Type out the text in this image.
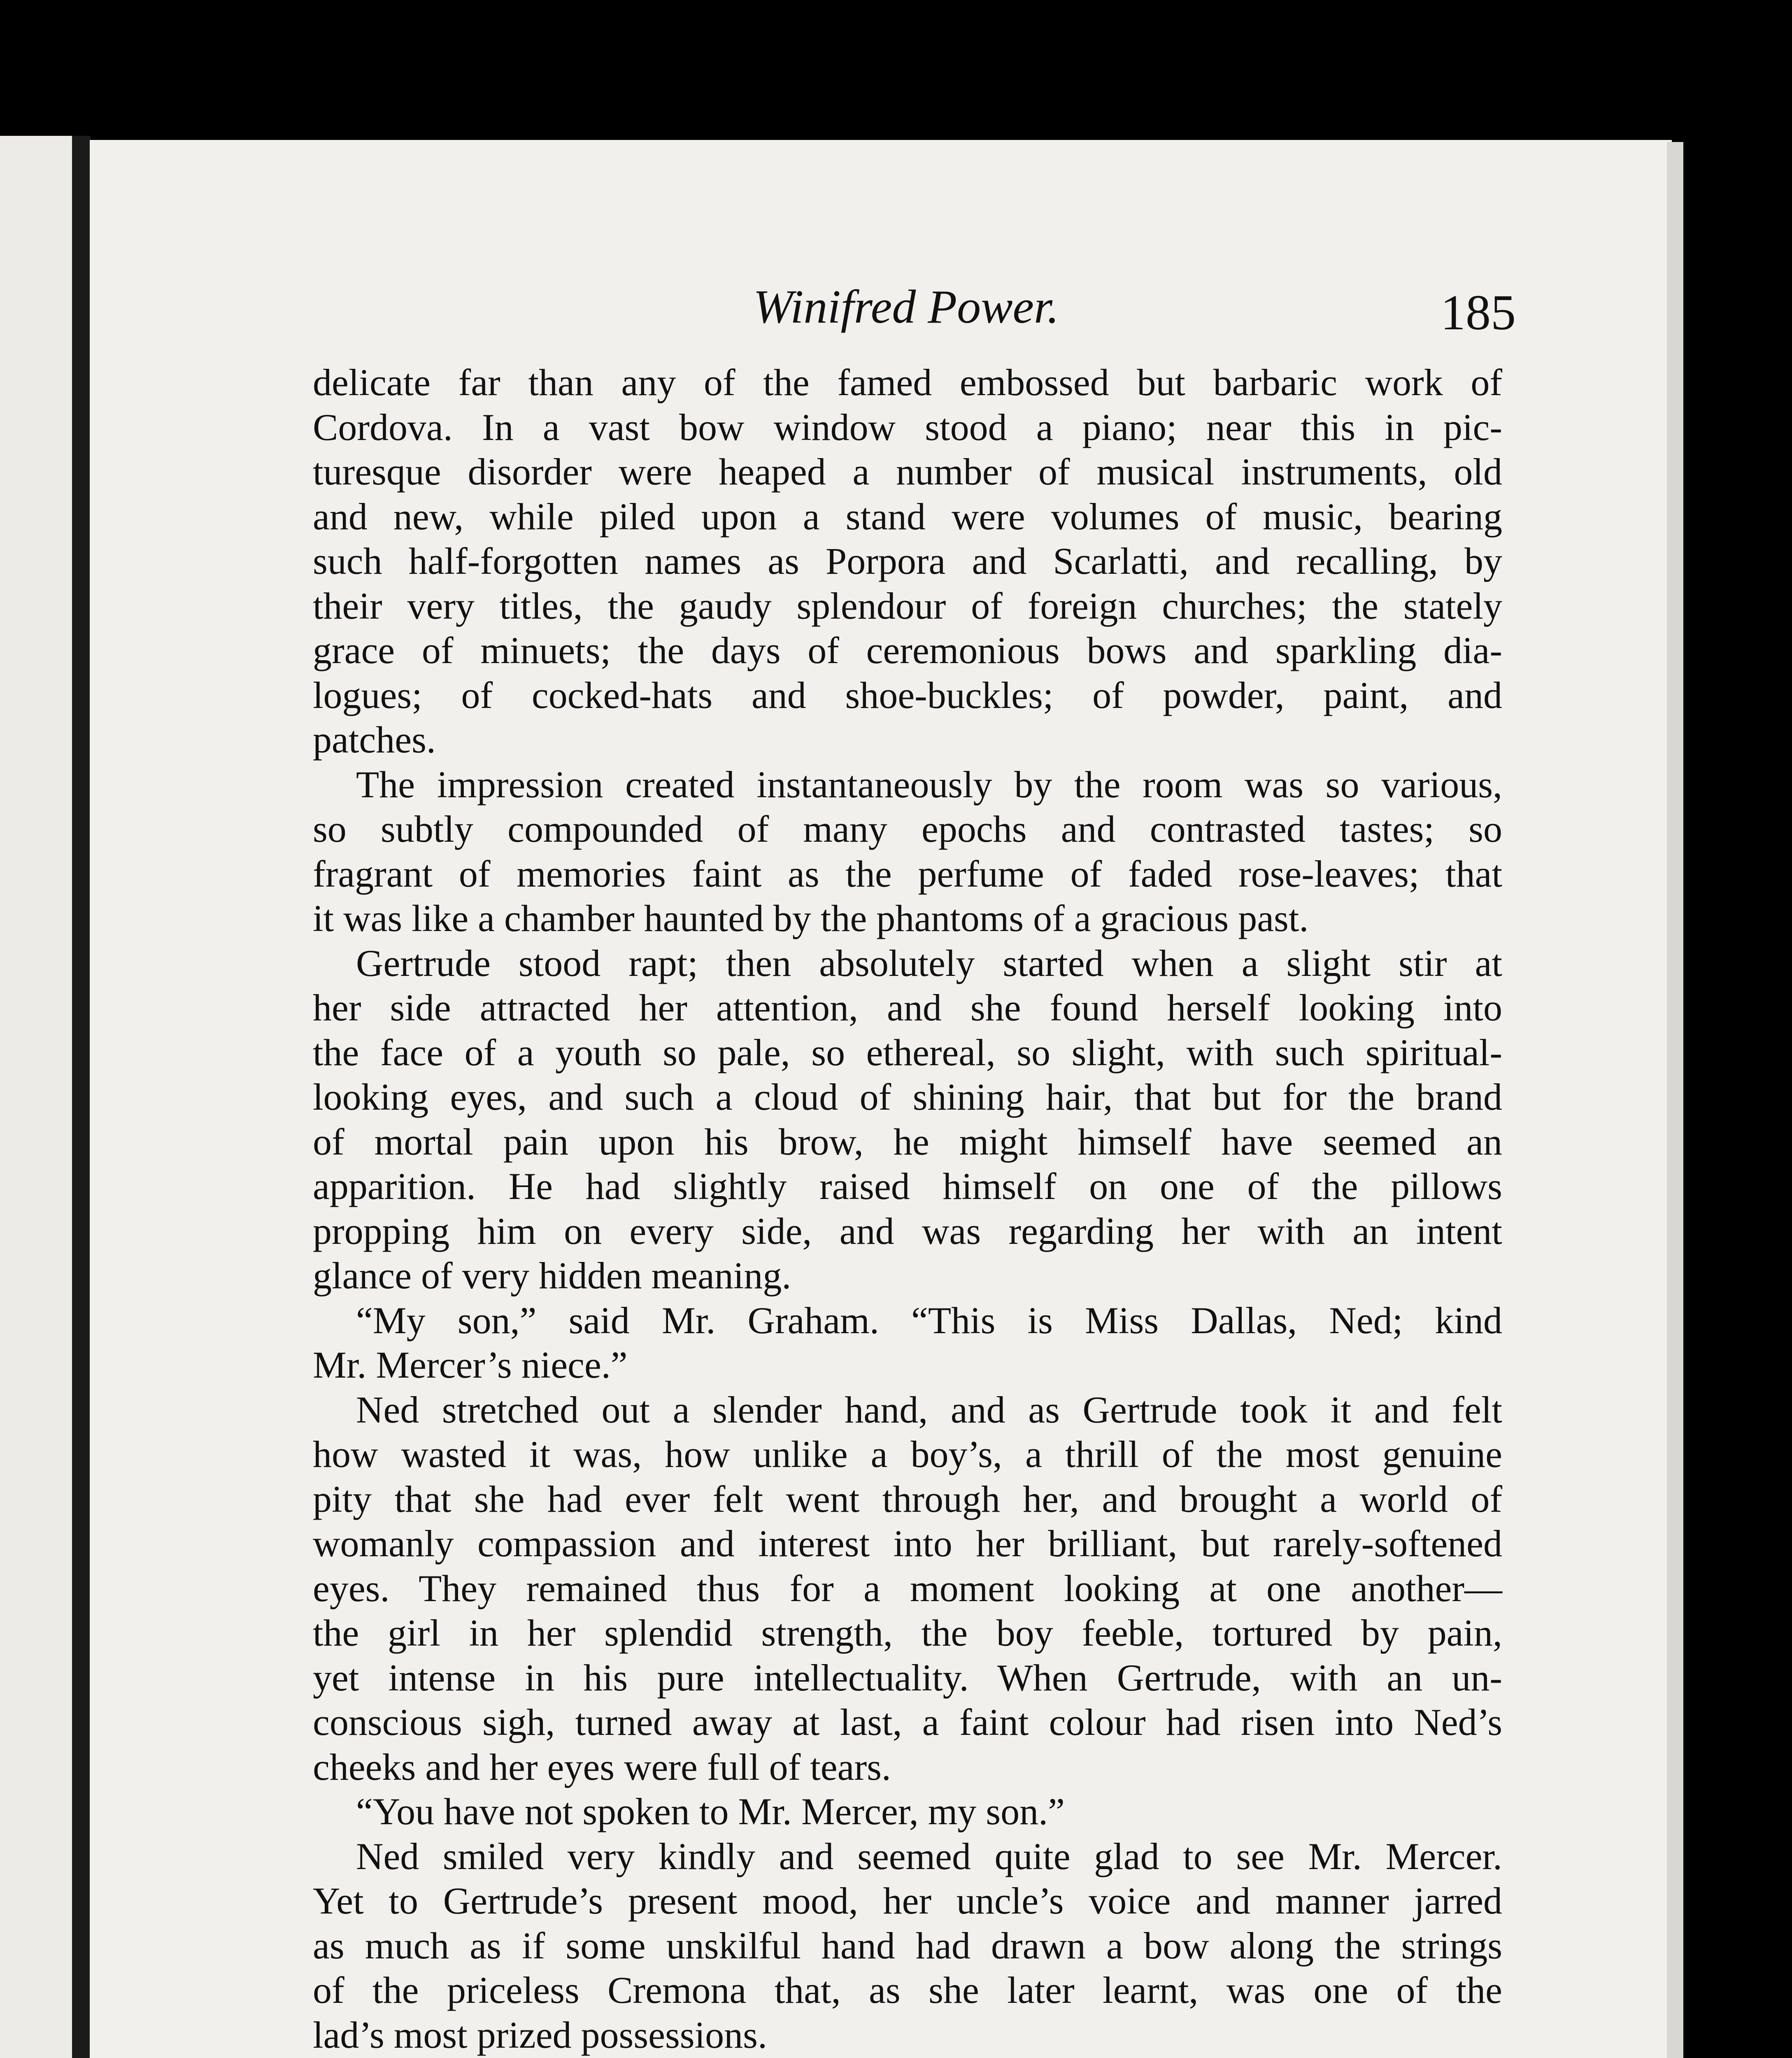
Winifred Power.	185
delicate far than any of the famed embossed but barbaric work of
Cordova. In a vast bow window stood a piano; near this in pic-
turesque disorder were heaped a number of musical instruments, old
and new, while piled upon a stand were volumes of music, bearing
such half-forgotten names as Porpora and Scarlatti, and recalling, by
their very titles, the gaudy splendour of foreign churches; the stately
grace of minuets; the days of ceremonious bows and sparkling dia-
logues; of cocked-hats and shoe-buckles; of powder, paint, and
patches.
The impression created instantaneously by the room was so various,
so subtly compounded of many epochs and contrasted tastes; so
fragrant of memories faint as the perfume of faded rose-leaves; that
it was like a chamber haunted by the phantoms of a gracious past.
Gertrude stood rapt; then absolutely started when a slight stir at
her side attracted her attention, and she found herself looking into
the face of a youth so pale, so ethereal, so slight, with such spiritual-
looking eyes, and such a cloud of shining hair, that but for the brand
of mortal pain upon his brow, he might himself have seemed an
apparition. He had slightly raised himself on one of the pillows
propping him on every side, and was regarding her with an intent
glance of very hidden meaning.
“My son,” said Mr. Graham. “This is Miss Dallas, Ned; kind
Mr. Mercer’s niece.”
Ned stretched out a slender hand, and as Gertrude took it and felt
how wasted it was, how unlike a boy’s, a thrill of the most genuine
pity that she had ever felt went through her, and brought a world of
womanly compassion and interest into her brilliant, but rarely-softened
eyes. They remained thus for a moment looking at one another—
the girl in her splendid strength, the boy feeble, tortured by pain,
yet intense in his pure intellectuality. When Gertrude, with an un-
conscious sigh, turned away at last, a faint colour had risen into Ned’s
cheeks and her eyes were full of tears.
“You have not spoken to Mr. Mercer, my son.”
Ned smiled very kindly and seemed quite glad to see Mr. Mercer.
Yet to Gertrude’s present mood, her uncle’s voice and manner jarred
as much as if some unskilful hand had drawn a bow along the strings
of the priceless Cremona that, as she later learnt, was one of the
lad’s most prized possessions.
